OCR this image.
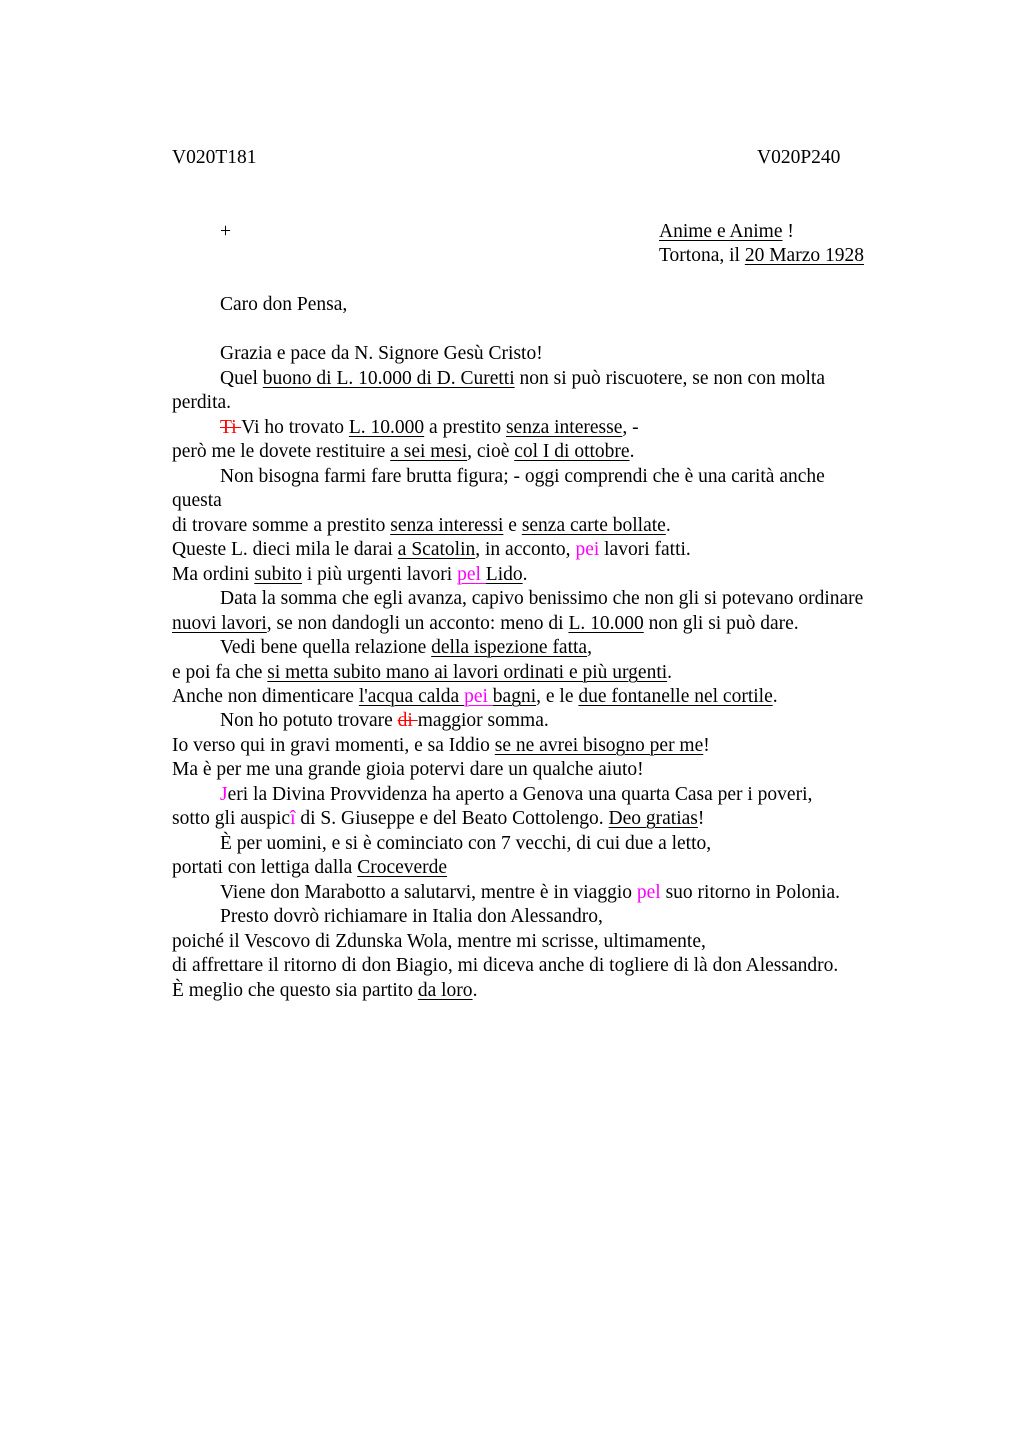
V020T181	V020P240
+	Anime e Anime !
Tortona, il 20 Marzo 1928
Caro don Pensa,
Grazia e pace da N. Signore Gesù Cristo!
Quel buono di L. 10.000 di D. Curetti non si può riscuotere, se non con molta
perdita.
Ti Vi ho trovato L. 10.000 a prestito senza interesse, -
però me le dovete restituire a sei mesi, cioè col I di ottobre.
Non bisogna farmi fare brutta figura; - oggi comprendi che è una carità anche
questa
di trovare somme a prestito senza interessi e senza carte bollate.
Queste L. dieci mila le darai a Scatolin, in acconto, pei lavori fatti.
Ma ordini subito i più urgenti lavori pel Lido.
Data la somma che egli avanza, capivo benissimo che non gli si potevano ordinare
nuovi lavori, se non dandogli un acconto: meno di L. 10.000 non gli si può dare.
Vedi bene quella relazione della ispezione fatta,
e poi fa che si metta subito mano ai lavori ordinati e più urgenti.
Anche non dimenticare l'acqua calda pei bagni, e le due fontanelle nel cortile.
Non ho potuto trovare di maggior somma.
Io verso qui in gravi momenti, e sa Iddio se ne avrei bisogno per me!
Ma è per me una grande gioia potervi dare un qualche aiuto!
Jeri la Divina Provvidenza ha aperto a Genova una quarta Casa per i poveri,
sotto gli auspicî di S. Giuseppe e del Beato Cottolengo. Deo gratias!
È per uomini, e si è cominciato con 7 vecchi, di cui due a letto,
portati con lettiga dalla Croceverde
Viene don Marabotto a salutarvi, mentre è in viaggio pel suo ritorno in Polonia.
Presto dovrò richiamare in Italia don Alessandro,
poiché il Vescovo di Zdunska Wola, mentre mi scrisse, ultimamente,
di affrettare il ritorno di don Biagio, mi diceva anche di togliere di là don Alessandro.
È meglio che questo sia partito da loro.
